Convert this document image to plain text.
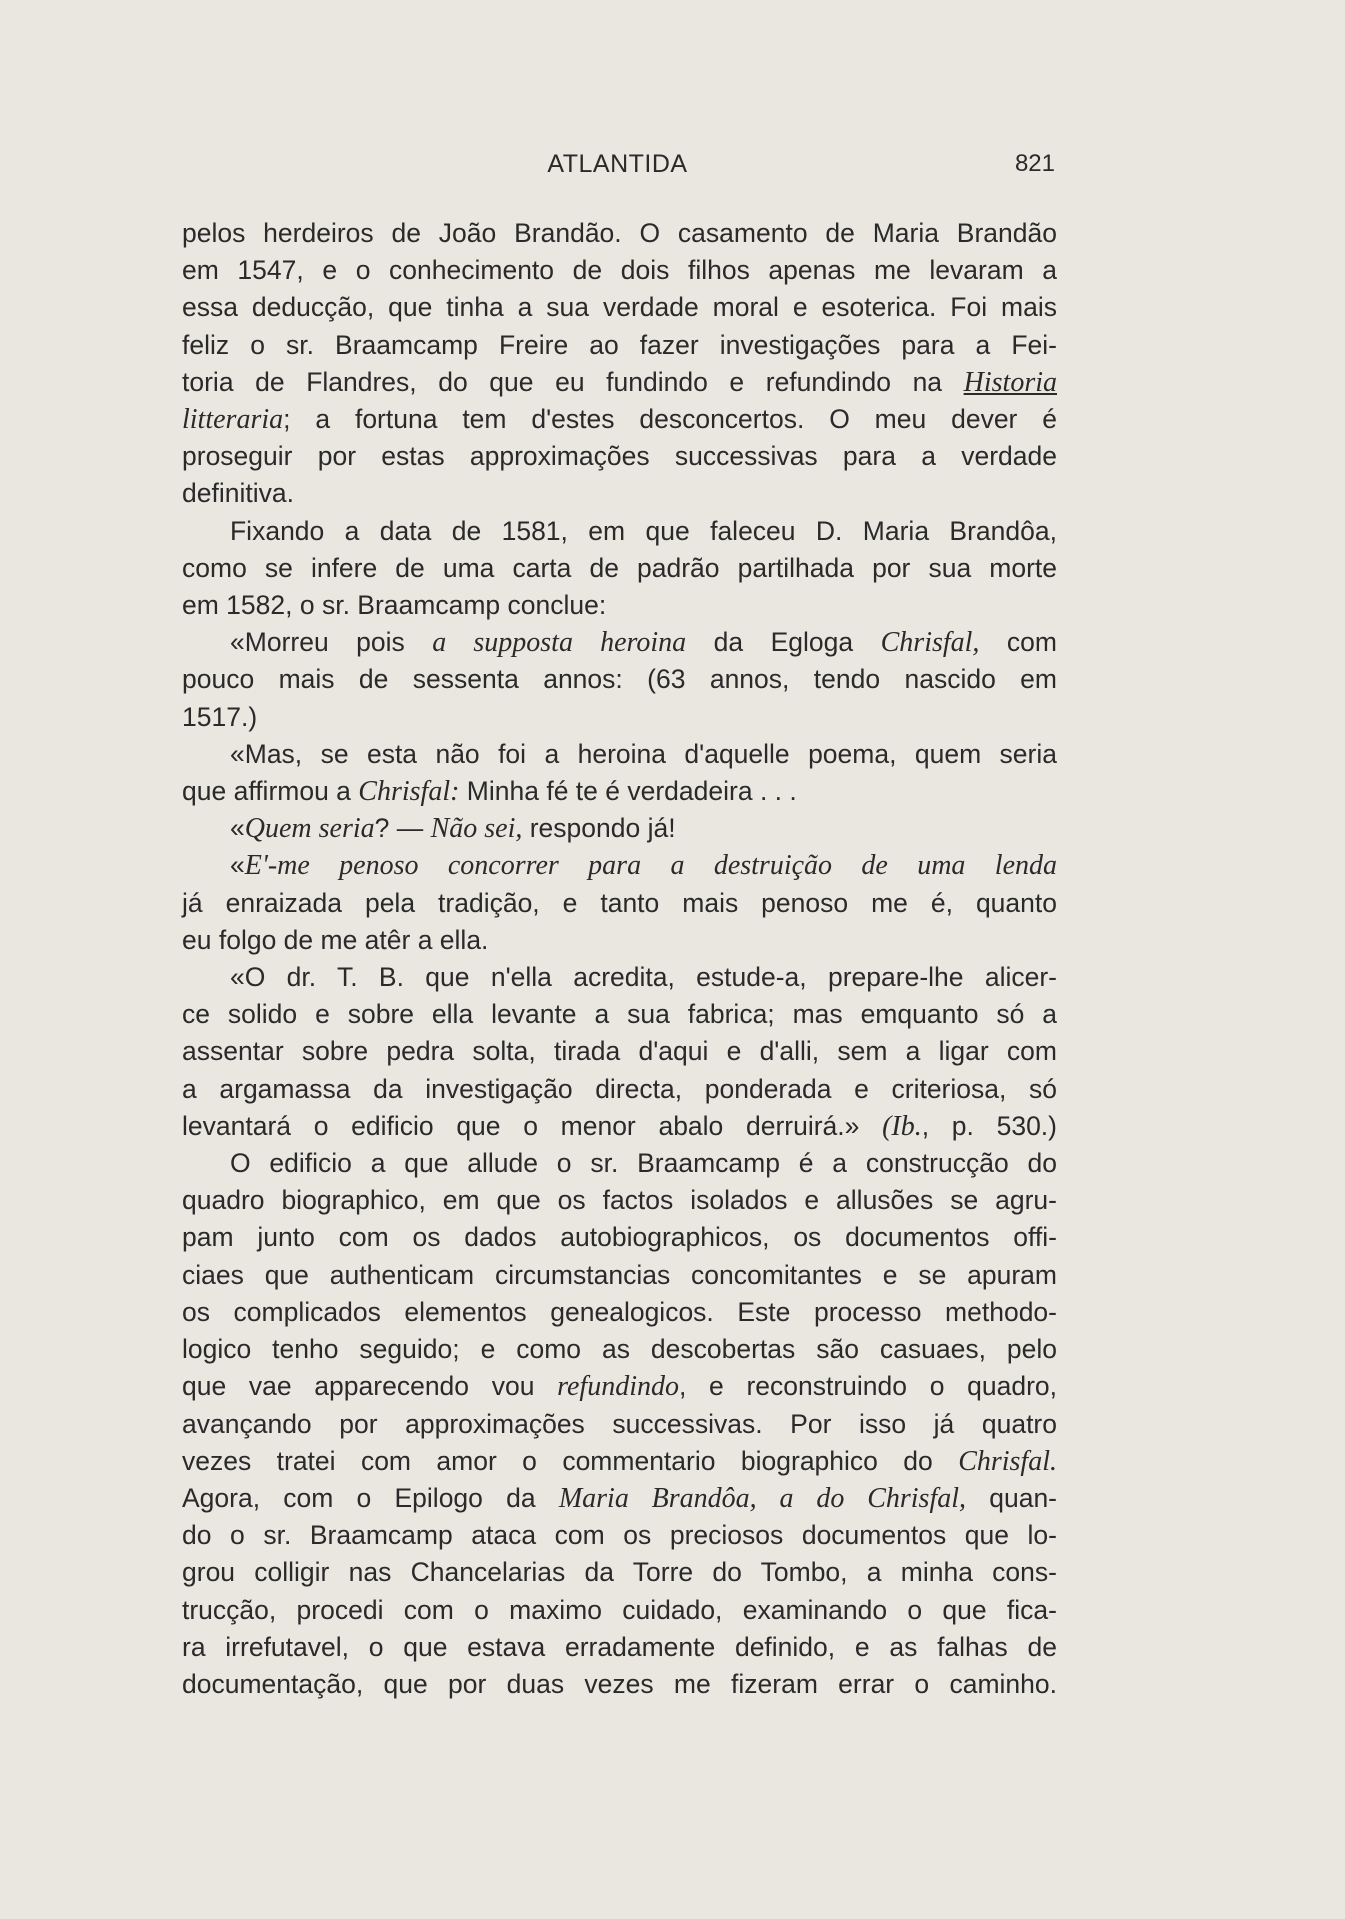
ATLANTIDA	821

pelos herdeiros de João Brandão. O casamento de Maria Brandão

em 1547, e o conhecimento de dois filhos apenas me levaram a

essa deducção, que tinha a sua verdade moral e esoterica. Foi mais

feliz o sr. Braamcamp Freire ao fazer investigações para a Fei-

toria de Flandres, do que eu fundindo e refundindo na Historia

litteraria; a fortuna tem d'estes desconcertos. O meu dever é

proseguir por estas approximações successivas para a verdade

definitiva.

Fixando a data de 1581, em que faleceu D. Maria Brandôa,

como se infere de uma carta de padrão partilhada por sua morte

em 1582, o sr. Braamcamp conclue:

«Morreu pois a supposta heroina da Egloga Chrisfal, com

pouco mais de sessenta annos: (63 annos, tendo nascido em

1517.)

«Mas, se esta não foi a heroina d'aquelle poema, quem seria

que affirmou a Chrisfal: Minha fé te é verdadeira . . .

«Quem seria? — Não sei, respondo já!

«E'-me penoso concorrer para a destruição de uma lenda

já enraizada pela tradição, e tanto mais penoso me é, quanto

eu folgo de me atêr a ella.

«O dr. T. B. que n'ella acredita, estude-a, prepare-lhe alicer-

ce solido e sobre ella levante a sua fabrica; mas emquanto só a

assentar sobre pedra solta, tirada d'aqui e d'alli, sem a ligar com

a argamassa da investigação directa, ponderada e criteriosa, só

levantará o edificio que o menor abalo derruirá.» (Ib., p. 530.)

O edificio a que allude o sr. Braamcamp é a construcção do

quadro biographico, em que os factos isolados e allusões se agru-

pam junto com os dados autobiographicos, os documentos offi-

ciaes que authenticam circumstancias concomitantes e se apuram

os complicados elementos genealogicos. Este processo methodo-

logico tenho seguido; e como as descobertas são casuaes, pelo

que vae apparecendo vou refundindo, e reconstruindo o quadro,

avançando por approximações successivas. Por isso já quatro

vezes tratei com amor o commentario biographico do Chrisfal.

Agora, com o Epilogo da Maria Brandôa, a do Chrisfal, quan-

do o sr. Braamcamp ataca com os preciosos documentos que lo-

grou colligir nas Chancelarias da Torre do Tombo, a minha cons-

trucção, procedi com o maximo cuidado, examinando o que fica-

ra irrefutavel, o que estava erradamente definido, e as falhas de

documentação, que por duas vezes me fizeram errar o caminho.
